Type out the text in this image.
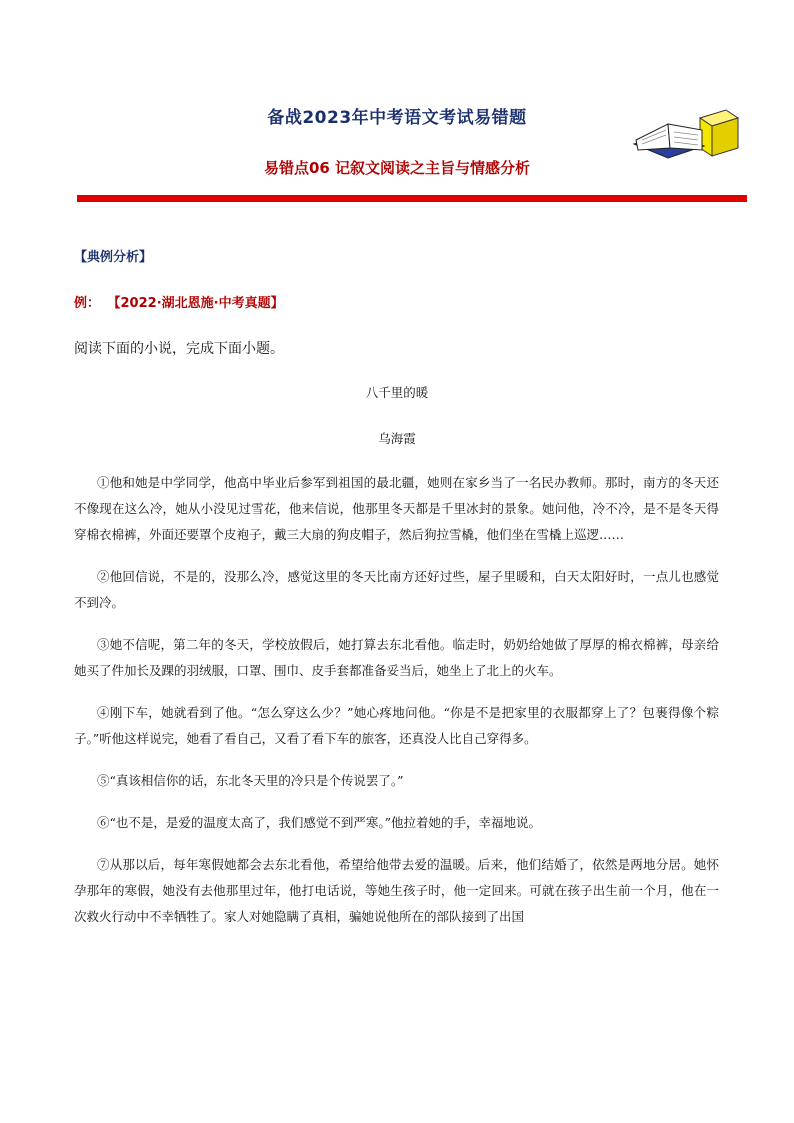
备战2023年中考语文考试易错题
易错点06 记叙文阅读之主旨与情感分析
【典例分析】
例： 【2022·湖北恩施·中考真题】
阅读下面的小说，完成下面小题。
八千里的暖
乌海霞

①他和她是中学同学，他高中毕业后参军到祖国的最北疆，她则在家乡当了一名民办教师。那时，南方的冬天还不像现在这么冷，她从小没见过雪花，他来信说，他那里冬天都是千里冰封的景象。她问他，冷不冷，是不是冬天得穿棉衣棉裤，外面还要罩个皮袍子，戴三大扇的狗皮帽子，然后狗拉雪橇，他们坐在雪橇上巡逻……

②他回信说，不是的，没那么冷，感觉这里的冬天比南方还好过些，屋子里暖和，白天太阳好时，一点儿也感觉不到冷。

③她不信呢，第二年的冬天，学校放假后，她打算去东北看他。临走时，奶奶给她做了厚厚的棉衣棉裤，母亲给她买了件加长及踝的羽绒服，口罩、围巾、皮手套都准备妥当后，她坐上了北上的火车。

④刚下车，她就看到了他。“怎么穿这么少？”她心疼地问他。“你是不是把家里的衣服都穿上了？包裹得像个粽子。”听他这样说完，她看了看自己，又看了看下车的旅客，还真没人比自己穿得多。

⑤“真该相信你的话，东北冬天里的冷只是个传说罢了。”

⑥“也不是，是爱的温度太高了，我们感觉不到严寒。”他拉着她的手，幸福地说。

⑦从那以后，每年寒假她都会去东北看他，希望给他带去爱的温暖。后来，他们结婚了，依然是两地分居。她怀孕那年的寒假，她没有去他那里过年，他打电话说，等她生孩子时，他一定回来。可就在孩子出生前一个月，他在一次救火行动中不幸牺牲了。家人对她隐瞒了真相，骗她说他所在的部队接到了出国
